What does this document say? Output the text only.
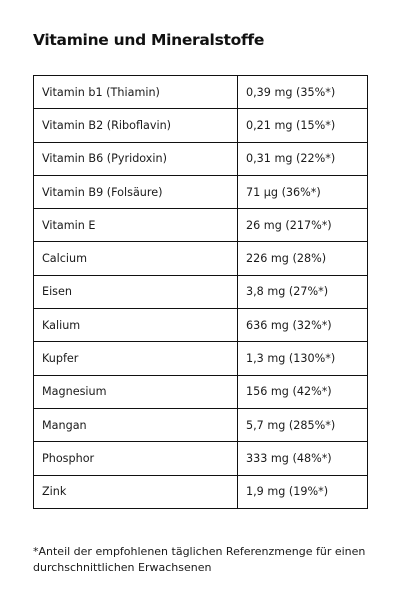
Vitamine und Mineralstoffe
Vitamin b1 (Thiamin)	0,39 mg (35%*)
Vitamin B2 (Riboflavin)	0,21 mg (15%*)
Vitamin B6 (Pyridoxin)	0,31 mg (22%*)
Vitamin B9 (Folsäure)	71 µg (36%*)
Vitamin E	26 mg (217%*)
Calcium	226 mg (28%)
Eisen	3,8 mg (27%*)
Kalium	636 mg (32%*)
Kupfer	1,3 mg (130%*)
Magnesium	156 mg (42%*)
Mangan	5,7 mg (285%*)
Phosphor	333 mg (48%*)
Zink	1,9 mg (19%*)

*Anteil der empfohlenen täglichen Referenzmenge für einen durchschnittlichen Erwachsenen
